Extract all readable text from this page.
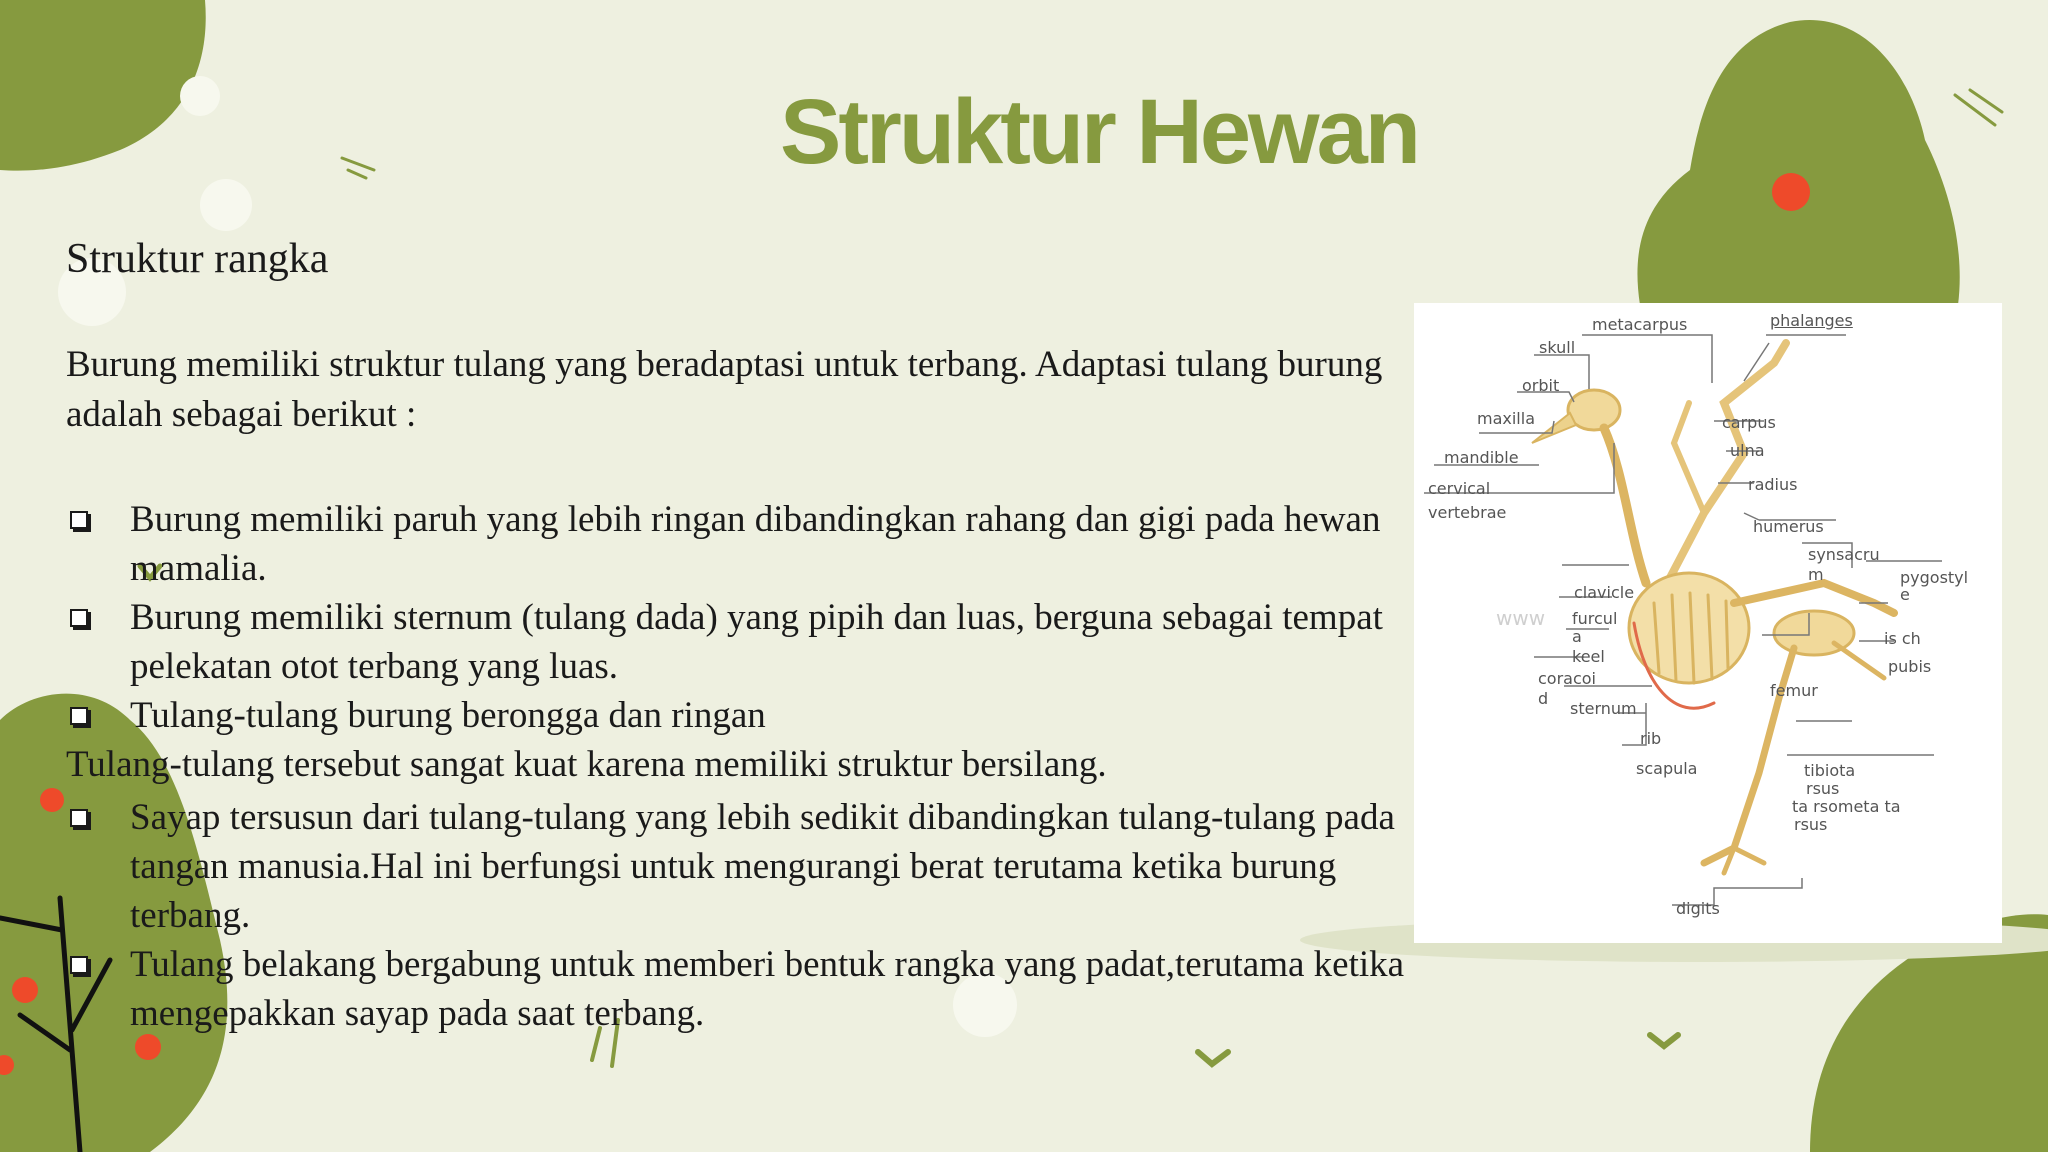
Struktur Hewan
Struktur rangka
Burung memiliki struktur tulang yang beradaptasi untuk terbang. Adaptasi tulang burung adalah sebagai berikut :
Burung memiliki paruh yang lebih ringan dibandingkan rahang dan gigi pada hewan mamalia.
Burung memiliki sternum (tulang dada) yang pipih dan luas, berguna sebagai tempat pelekatan otot terbang yang luas.
Tulang-tulang burung berongga dan ringan
Tulang-tulang tersebut sangat kuat karena memiliki struktur bersilang.
Sayap tersusun dari tulang-tulang yang lebih sedikit dibandingkan tulang-tulang pada tangan manusia.Hal ini berfungsi untuk mengurangi berat terutama ketika burung terbang.
Tulang belakang bergabung untuk memberi bentuk rangka yang padat,terutama ketika mengepakkan sayap pada saat terbang.
www
metacarpus	phalanges
skull
orbit
maxilla	carpus
mandible	ulna
cervical
vertebrae
radius
humerus
synsacru
m	pygostyl
e
clavicle
furcul
a	is ch
keel
pubis
coracoi
d	femur
sternum
rib
scapula	tibiota
rsus
ta rsometa ta
rsus
digits
